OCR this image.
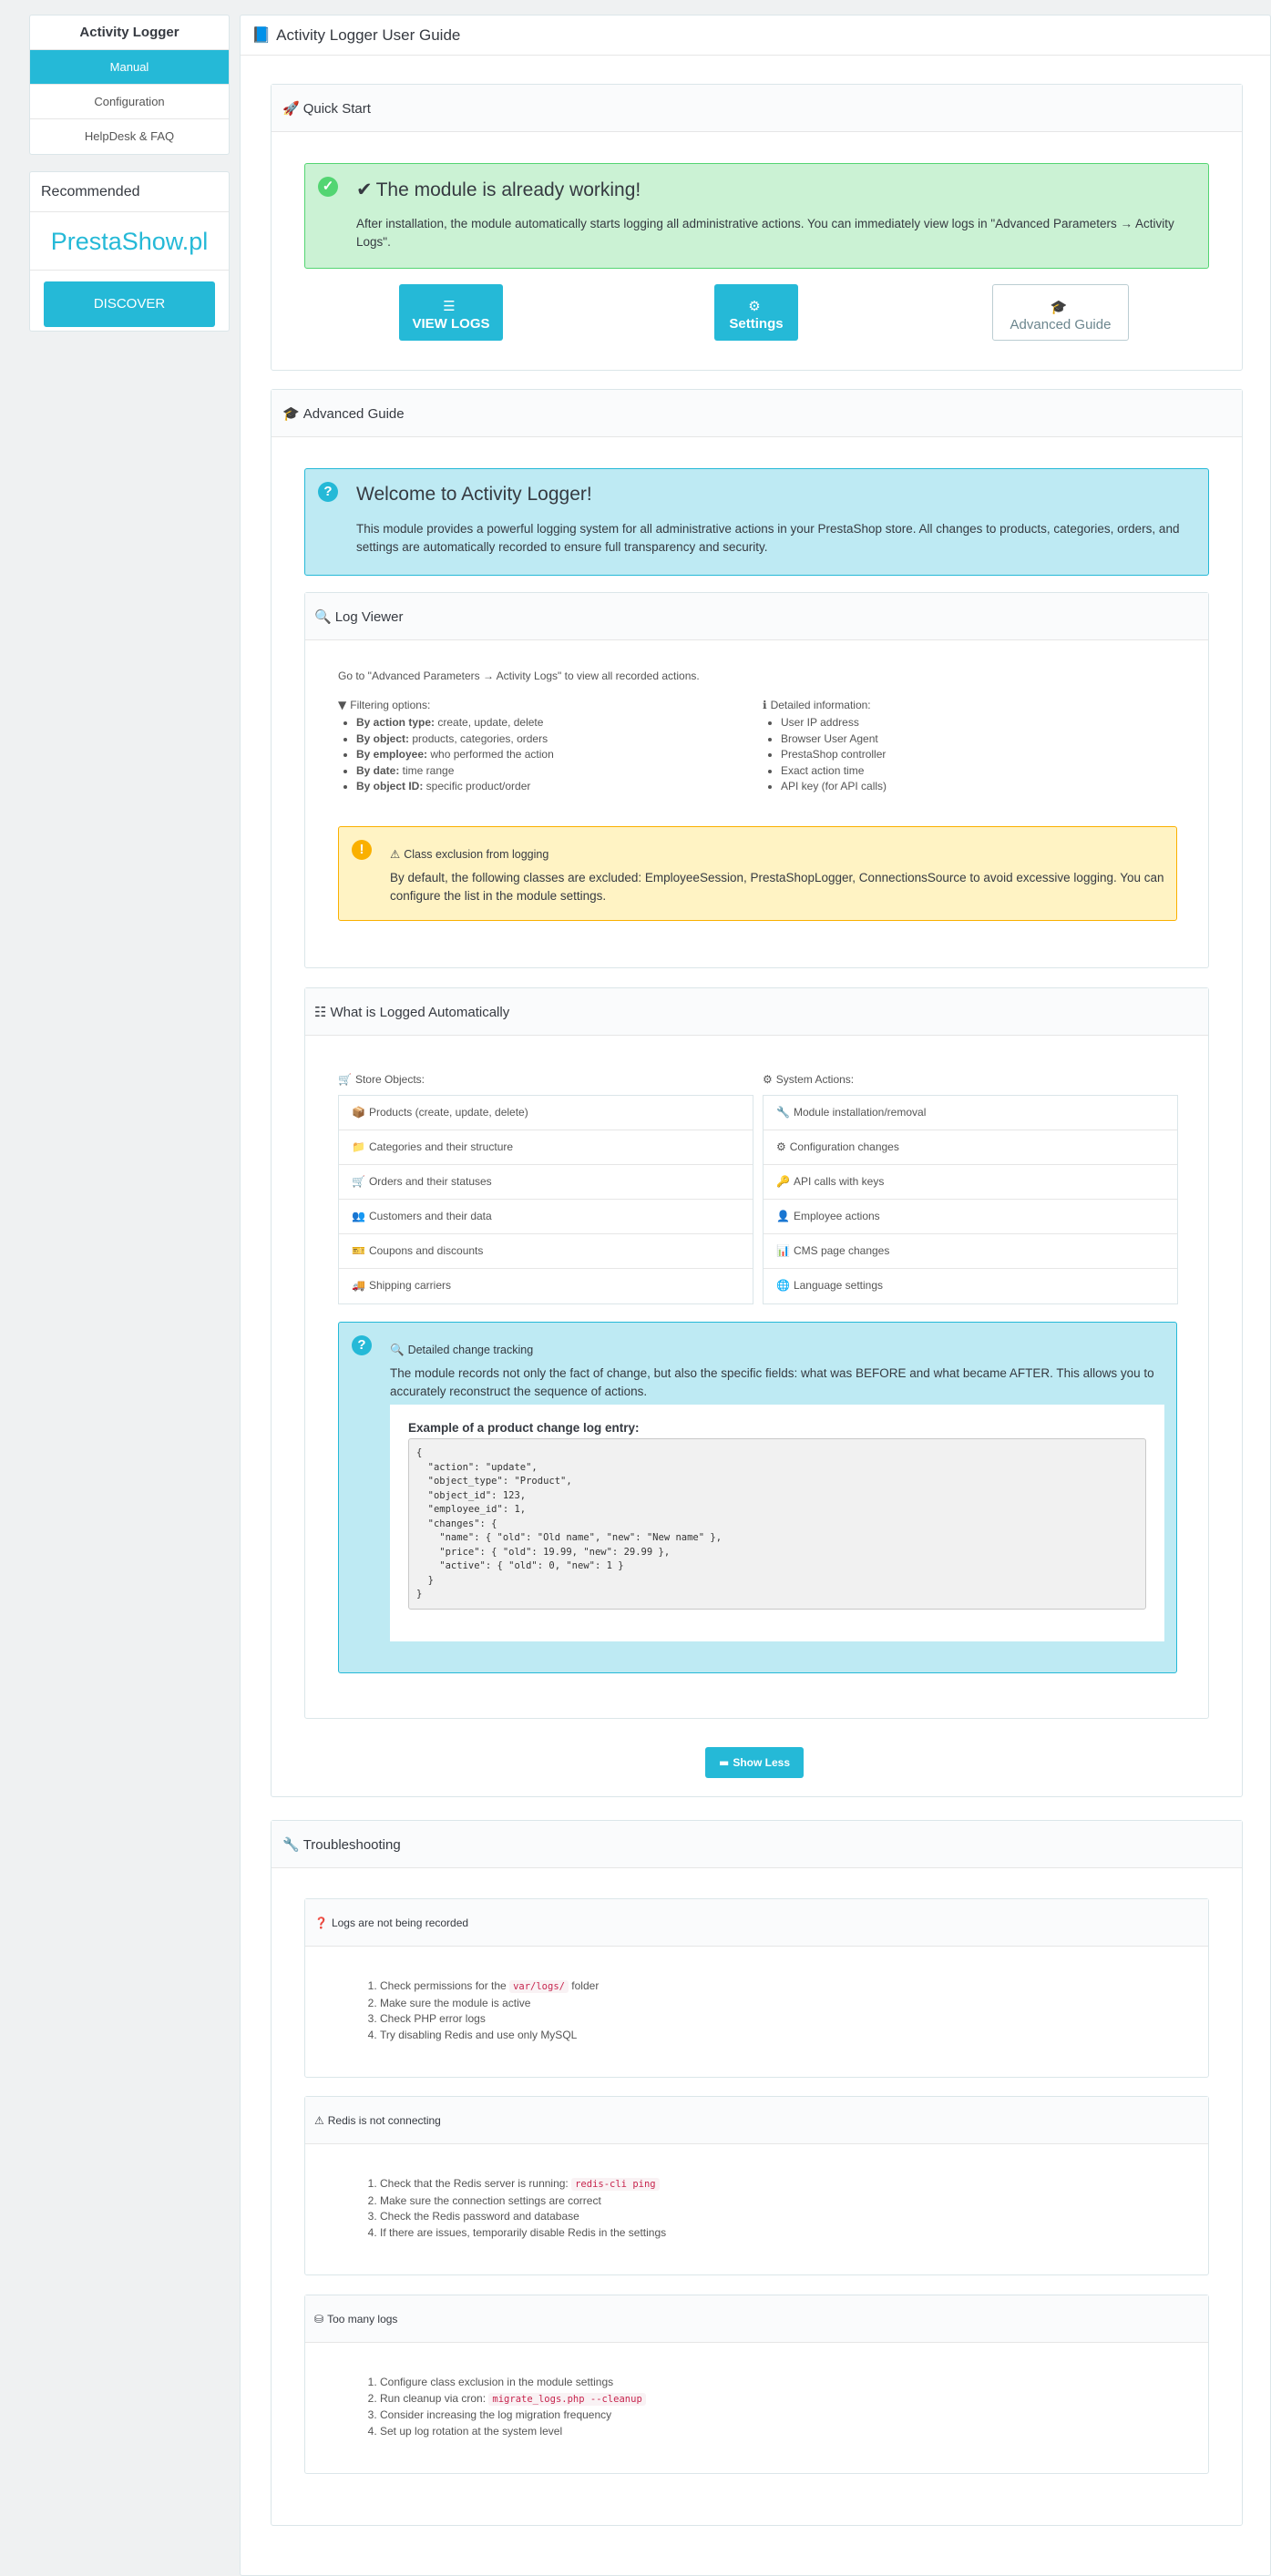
Activity Logger
Manual
Configuration
HelpDesk & FAQ
Recommended
PrestaShow.pl
DISCOVER
📘 Activity Logger User Guide
🚀 Quick Start
✓ ✔ The module is already working!
After installation, the module automatically starts logging all administrative actions. You can immediately view logs in "Advanced Parameters → Activity Logs".
☰
VIEW LOGS
⚙
Settings
🎓
Advanced Guide
🎓 Advanced Guide
?	Welcome to Activity Logger!
This module provides a powerful logging system for all administrative actions in your PrestaShop store. All changes to products, categories, orders, and settings are automatically recorded to ensure full transparency and security.
🔍 Log Viewer
Go to "Advanced Parameters → Activity Logs" to view all recorded actions.
▼ Filtering options:
• By action type: create, update, delete
• By object: products, categories, orders
• By employee: who performed the action
• By date: time range
• By object ID: specific product/order
ℹ Detailed information:
• User IP address
• Browser User Agent
• PrestaShop controller
• Exact action time
• API key (for API calls)
!	⚠ Class exclusion from logging
By default, the following classes are excluded: EmployeeSession, PrestaShopLogger, ConnectionsSource to avoid excessive logging. You can configure the list in the module settings.
☷ What is Logged Automatically
🛒 Store Objects:
📦 Products (create, update, delete)
📁 Categories and their structure
🛒 Orders and their statuses
👥 Customers and their data
🎫 Coupons and discounts
🚚 Shipping carriers
⚙ System Actions:
🔧 Module installation/removal
⚙ Configuration changes
🔑 API calls with keys
👤 Employee actions
📊 CMS page changes
🌐 Language settings
?	🔍 Detailed change tracking
The module records not only the fact of change, but also the specific fields: what was BEFORE and what became AFTER. This allows you to accurately reconstruct the sequence of actions.
Example of a product change log entry:
{
"action": "update",
"object_type": "Product",
"object_id": 123,
"employee_id": 1,
"changes": {
"name": { "old": "Old name", "new": "New name" },
"price": { "old": 19.99, "new": 29.99 },
"active": { "old": 0, "new": 1 }
}
}
▬ Show Less
🔧 Troubleshooting
❓ Logs are not being recorded
1. Check permissions for the var/logs/ folder
2. Make sure the module is active
3. Check PHP error logs
4. Try disabling Redis and use only MySQL
⚠ Redis is not connecting
1. Check that the Redis server is running: redis-cli ping
2. Make sure the connection settings are correct
3. Check the Redis password and database
4. If there are issues, temporarily disable Redis in the settings
⛁ Too many logs
1. Configure class exclusion in the module settings
2. Run cleanup via cron: migrate_logs.php --cleanup
3. Consider increasing the log migration frequency
4. Set up log rotation at the system level
